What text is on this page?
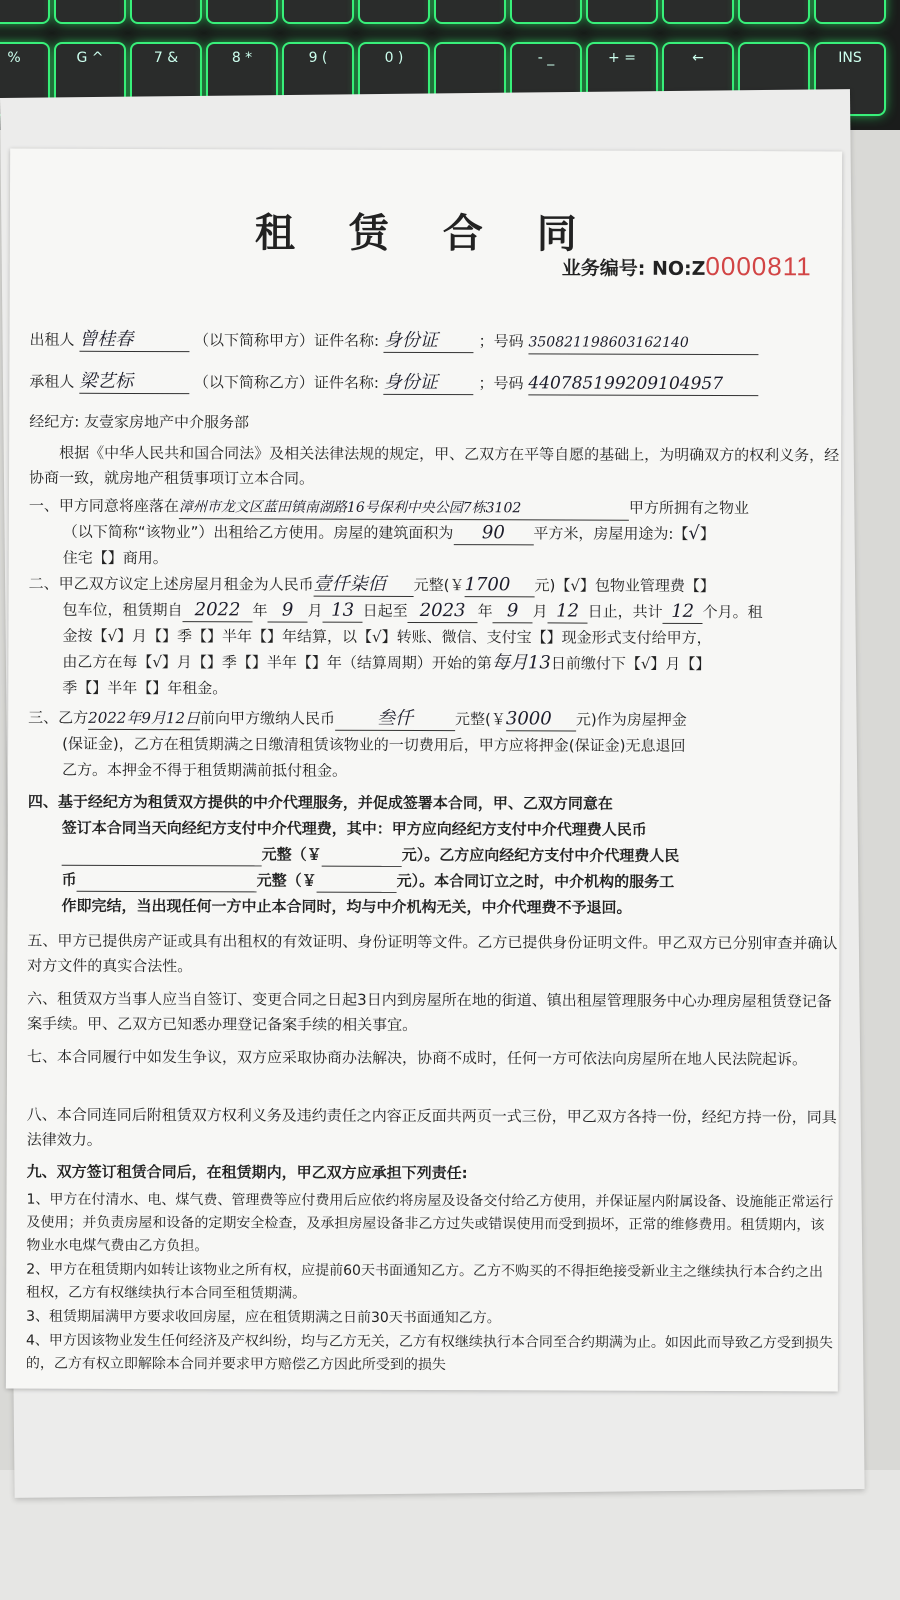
%	G ^	7 &	8 *	9 (	0 )	- _	+ =	←	INS
租 赁 合 同
业务编号: NO:Z0000811
出租人 曾桂春	（以下简称甲方）证件名称: 身份证	；号码 350821198603162140
承租人 梁艺标	（以下简称乙方）证件名称: 身份证	；号码 440785199209104957
经纪方: 友壹家房地产中介服务部
根据《中华人民共和国合同法》及相关法律法规的规定，甲、乙双方在平等自愿的基础上，为明确双方的权利义务，经协商一致，就房地产租赁事项订立本合同。
一、甲方同意将座落在漳州市龙文区蓝田镇南湖路16号保利中央公园7栋3102	甲方所拥有之物业
（以下简称“该物业”）出租给乙方使用。房屋的建筑面积为 90 平方米，房屋用途为:【√】
住宅【】商用。
二、甲乙双方议定上述房屋月租金为人民币壹仟柒佰 元整(￥1700 元)【√】包物业管理费【】
包车位，租赁期自 2022 年 9 月 13 日起至 2023 年 9 月 12 日止，共计 12 个月。租
金按【√】月【】季【】半年【】年结算，以【√】转账、微信、支付宝【】现金形式支付给甲方，
由乙方在每【√】月【】季【】半年【】年（结算周期）开始的第每月13日前缴付下【√】月【】
季【】半年【】年租金。
三、乙方2022年9月12日前向甲方缴纳人民币 叁仟	元整(￥3000 元)作为房屋押金
(保证金)，乙方在租赁期满之日缴清租赁该物业的一切费用后，甲方应将押金(保证金)无息退回
乙方。本押金不得于租赁期满前抵付租金。
四、基于经纪方为租赁双方提供的中介代理服务，并促成签署本合同，甲、乙双方同意在
签订本合同当天向经纪方支付中介代理费，其中：甲方应向经纪方支付中介代理费人民币
元整（￥	元）。乙方应向经纪方支付中介代理费人民
币	元整（￥	元）。本合同订立之时，中介机构的服务工
作即完结，当出现任何一方中止本合同时，均与中介机构无关，中介代理费不予退回。
五、甲方已提供房产证或具有出租权的有效证明、身份证明等文件。乙方已提供身份证明文件。甲乙双方已分别审查并确认对方文件的真实合法性。
六、租赁双方当事人应当自签订、变更合同之日起3日内到房屋所在地的街道、镇出租屋管理服务中心办理房屋租赁登记备案手续。甲、乙双方已知悉办理登记备案手续的相关事宜。
七、本合同履行中如发生争议，双方应采取协商办法解决，协商不成时，任何一方可依法向房屋所在地人民法院起诉。
八、本合同连同后附租赁双方权利义务及违约责任之内容正反面共两页一式三份，甲乙双方各持一份，经纪方持一份，同具法律效力。
九、双方签订租赁合同后，在租赁期内，甲乙双方应承担下列责任:
1、甲方在付清水、电、煤气费、管理费等应付费用后应依约将房屋及设备交付给乙方使用，并保证屋内附属设备、设施能正常运行及使用；并负责房屋和设备的定期安全检查，及承担房屋设备非乙方过失或错误使用而受到损坏，正常的维修费用。租赁期内，该物业水电煤气费由乙方负担。
2、甲方在租赁期内如转让该物业之所有权，应提前60天书面通知乙方。乙方不购买的不得拒绝接受新业主之继续执行本合约之出租权，乙方有权继续执行本合同至租赁期满。
3、租赁期届满甲方要求收回房屋，应在租赁期满之日前30天书面通知乙方。
4、甲方因该物业发生任何经济及产权纠纷，均与乙方无关，乙方有权继续执行本合同至合约期满为止。如因此而导致乙方受到损失的，乙方有权立即解除本合同并要求甲方赔偿乙方因此所受到的损失
